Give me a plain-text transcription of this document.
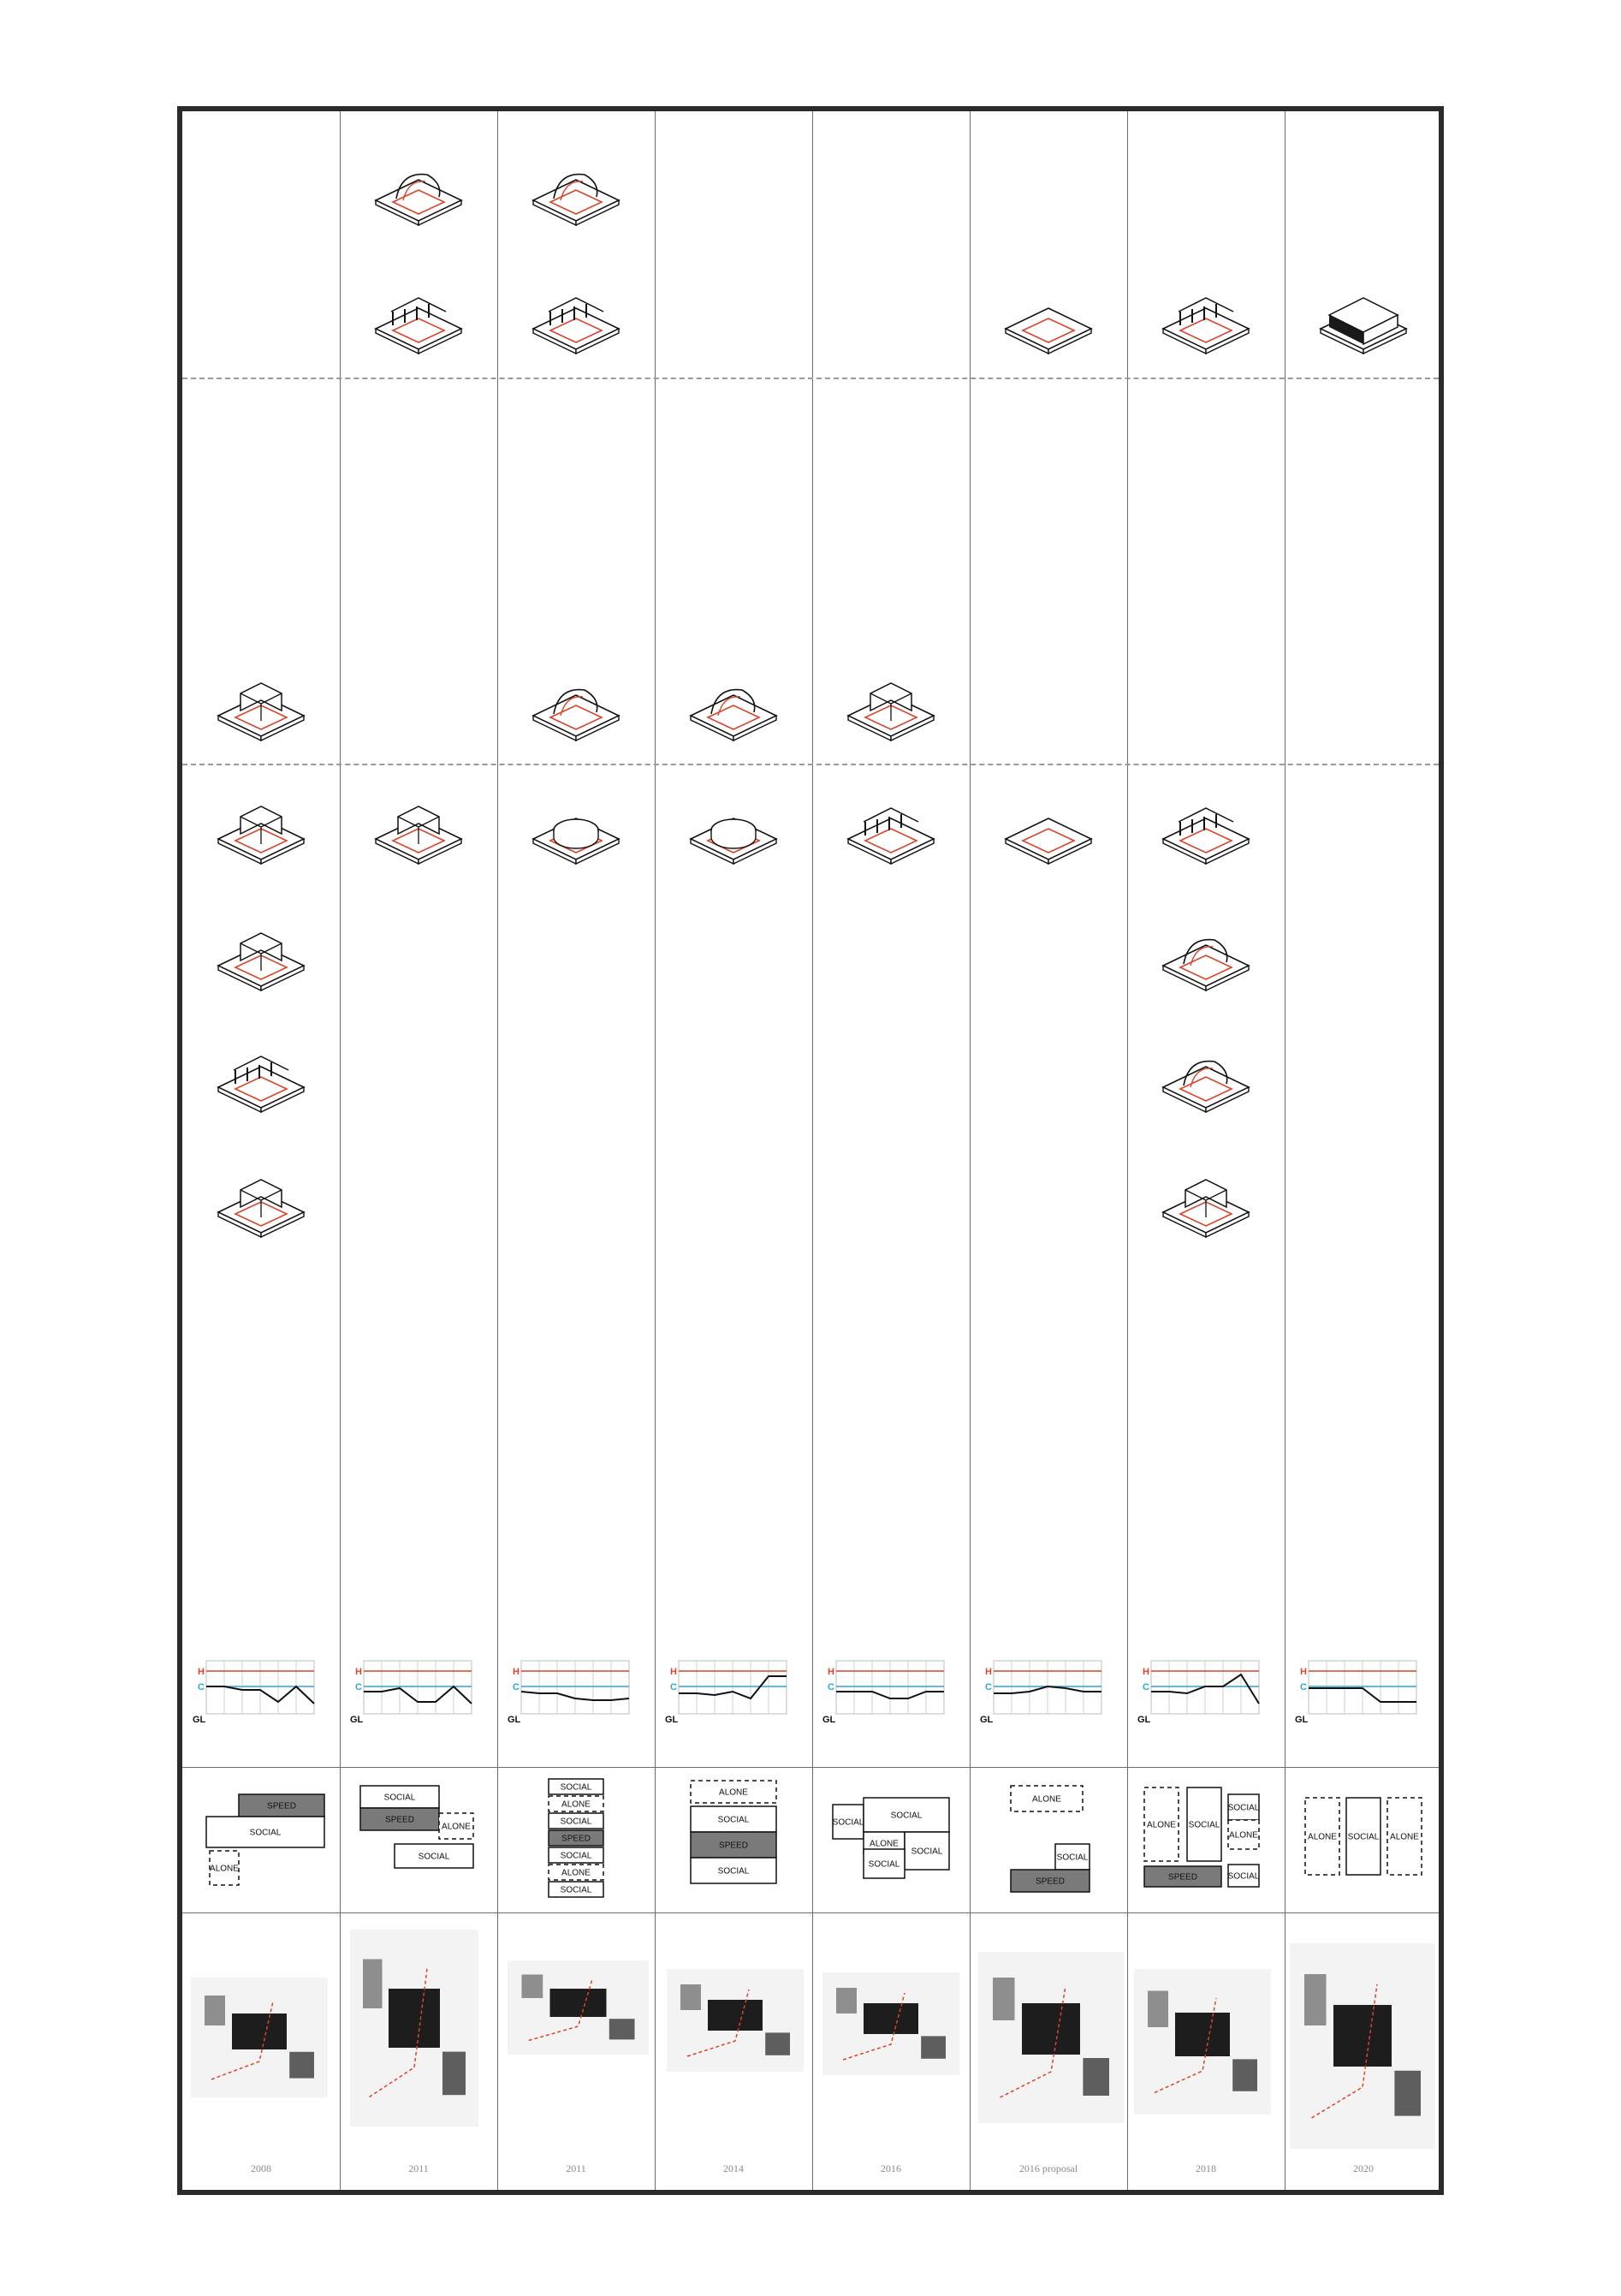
H
C
GL
H
C
GL
H
C
GL
H
C
GL
H
C
GL
H
C
GL
H
C
GL
H
C
GL
SPEED
SOCIAL
ALONE
SOCIAL
SPEED
ALONE
SOCIAL
SOCIAL
ALONE
SOCIAL
SPEED
SOCIAL
ALONE
SOCIAL
ALONE
SOCIAL
SPEED
SOCIAL
SOCIAL
SOCIAL
ALONE
SOCIAL
SOCIAL
ALONE
SOCIAL
SPEED
ALONE SOCIAL
SOCIAL
ALONE
SPEED	SOCIAL
ALONE SOCIAL ALONE
2008	2011	2011	2014	2016	2016 proposal	2018	2020
